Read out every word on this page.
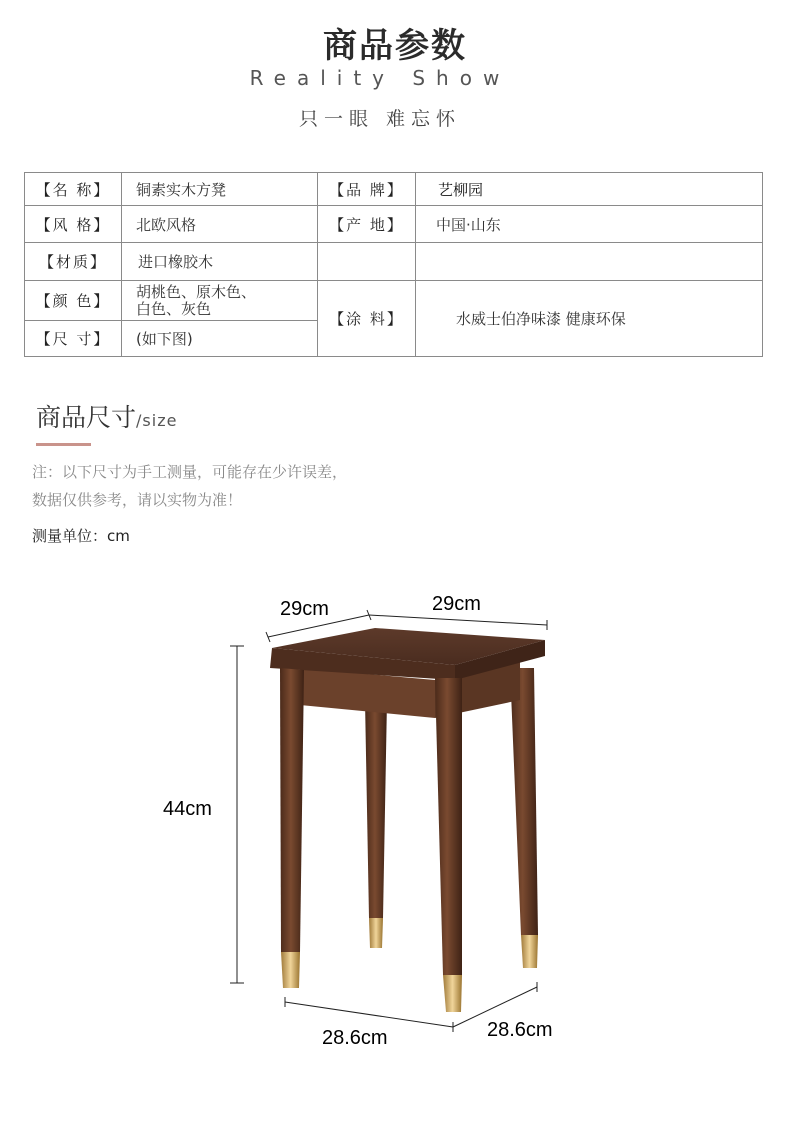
商品参数
Reality Show
只一眼 难忘怀
【名 称】	铜素实木方凳	【品 牌】	艺柳园
【风 格】	北欧风格	【产 地】	中国·山东
【材质】	进口橡胶木		
【颜 色】	胡桃色、原木色、
白色、灰色	【涂 料】	水威士伯净味漆 健康环保
【尺 寸】	(如下图)		
商品尺寸/size
注：以下尺寸为手工测量，可能存在少许误差，
数据仅供参考，请以实物为准！
测量单位：cm
29cm	29cm
44cm
28.6cm	28.6cm
